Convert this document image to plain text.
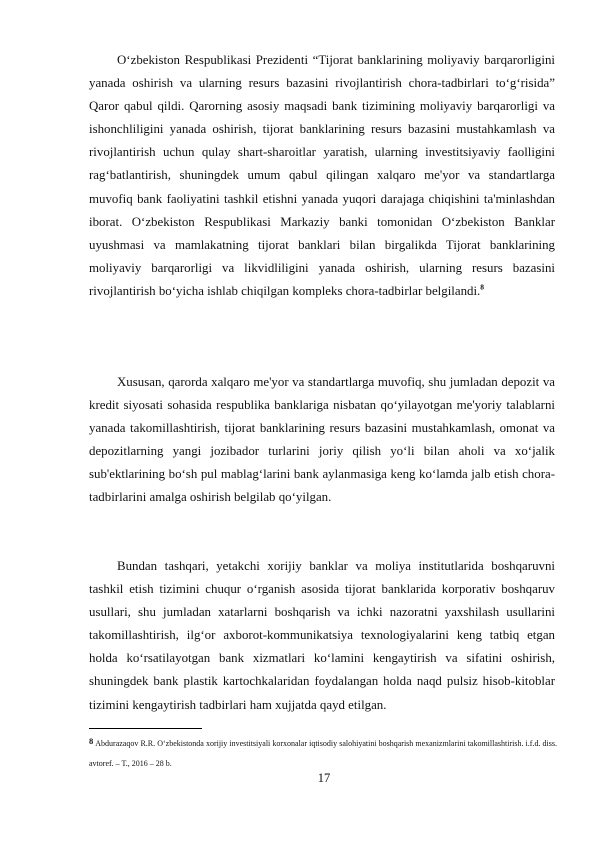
O‘zbekiston Respublikasi Prezidenti “Tijorat banklarining moliyaviy barqarorligini yanada oshirish va ularning resurs bazasini rivojlantirish chora-tadbirlari to‘g‘risida” Qaror qabul qildi. Qarorning asosiy maqsadi bank tizimining moliyaviy barqarorligi va ishonchliligini yanada oshirish, tijorat banklarining resurs bazasini mustahkamlash va rivojlantirish uchun qulay shart-sharoitlar yaratish, ularning investitsiyaviy faolligini rag‘batlantirish, shuningdek umum qabul qilingan xalqaro me'yor va standartlarga muvofiq bank faoliyatini tashkil etishni yanada yuqori darajaga chiqishini ta'minlashdan iborat. O‘zbekiston Respublikasi Markaziy banki tomonidan O‘zbekiston Banklar uyushmasi va mamlakatning tijorat banklari bilan birgalikda Tijorat banklarining moliyaviy barqarorligi va likvidliligini yanada oshirish, ularning resurs bazasini rivojlantirish bo‘yicha ishlab chiqilgan kompleks chora-tadbirlar belgilandi.$^8$

Xususan, qarorda xalqaro me'yor va standartlarga muvofiq, shu jumladan depozit va kredit siyosati sohasida respublika banklariga nisbatan qo‘yilayotgan me'yoriy talablarni yanada takomillashtirish, tijorat banklarining resurs bazasini mustahkamlash, omonat va depozitlarning yangi jozibador turlarini joriy qilish yo‘li bilan aholi va xo‘jalik sub'ektlarining bo‘sh pul mablag‘larini bank aylanmasiga keng ko‘lamda jalb etish chora-tadbirlarini amalga oshirish belgilab qo‘yilgan.

Bundan tashqari, yetakchi xorijiy banklar va moliya institutlarida boshqaruvni tashkil etish tizimini chuqur o‘rganish asosida tijorat banklarida korporativ boshqaruv usullari, shu jumladan xatarlarni boshqarish va ichki nazoratni yaxshilash usullarini takomillashtirish, ilg‘or axborot-kommunikatsiya texnologiyalarini keng tatbiq etgan holda ko‘rsatilayotgan bank xizmatlari ko‘lamini kengaytirish va sifatini oshirish, shuningdek bank plastik kartochkalaridan foydalangan holda naqd pulsiz hisob-kitoblar tizimini kengaytirish tadbirlari ham xujjatda qayd etilgan.

$^8$ Abdurazaqov R.R. O‘zbekistonda xorijiy investitsiyali korxonalar iqtisodiy salohiyatini boshqarish mexanizmlarini takomillashtirish. i.f.d. diss. avtoref. – T., 2016 – 28 b.

17
